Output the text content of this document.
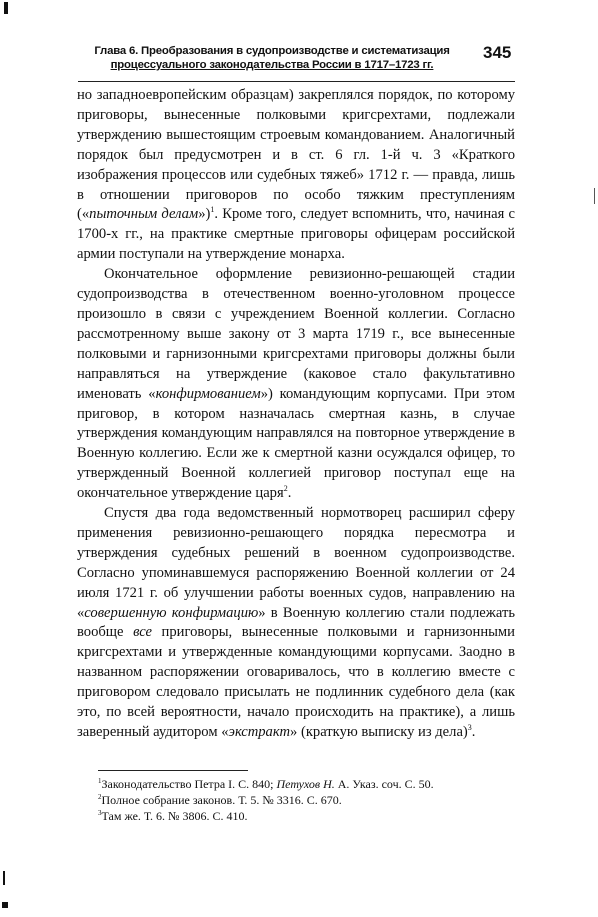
Глава 6. Преобразования в судопроизводстве и систематизация
процессуального законодательства России в 1717–1723 гг.
345

но западноевропейским образцам) закреплялся порядок, по которому приговоры, вынесенные полковыми кригсрехтами, подлежали утверждению вышестоящим строевым командованием. Аналогичный порядок был предусмотрен и в ст. 6 гл. 1-й ч. 3 «Краткого изображения процессов или судебных тяжеб» 1712 г. — правда, лишь в отношении приговоров по особо тяжким преступлениям («пыточным делам»)$^1$. Кроме того, следует вспомнить, что, начиная с 1700-х гг., на практике смертные приговоры офицерам российской армии поступали на утверждение монарха.

Окончательное оформление ревизионно-решающей стадии судопроизводства в отечественном военно-уголовном процессе произошло в связи с учреждением Военной коллегии. Согласно рассмотренному выше закону от 3 марта 1719 г., все вынесенные полковыми и гарнизонными кригсрехтами приговоры должны были направляться на утверждение (каковое стало факультативно именовать «конфирмованием») командующим корпусами. При этом приговор, в котором назначалась смертная казнь, в случае утверждения командующим направлялся на повторное утверждение в Военную коллегию. Если же к смертной казни осуждался офицер, то утвержденный Военной коллегией приговор поступал еще на окончательное утверждение царя$^2$.

Спустя два года ведомственный нормотворец расширил сферу применения ревизионно-решающего порядка пересмотра и утверждения судебных решений в военном судопроизводстве. Согласно упоминавшемуся распоряжению Военной коллегии от 24 июля 1721 г. об улучшении работы военных судов, направлению на «совершенную конфирмацию» в Военную коллегию стали подлежать вообще все приговоры, вынесенные полковыми и гарнизонными кригсрехтами и утвержденные командующими корпусами. Заодно в названном распоряжении оговаривалось, что в коллегию вместе с приговором следовало присылать не подлинник судебного дела (как это, по всей вероятности, начало происходить на практике), а лишь заверенный аудитором «экстракт» (краткую выписку из дела)$^3$.

$^1$Законодательство Петра I. С. 840; Петухов Н. А. Указ. соч. С. 50.
$^2$Полное собрание законов. Т. 5. № 3316. С. 670.
$^3$Там же. Т. 6. № 3806. С. 410.
